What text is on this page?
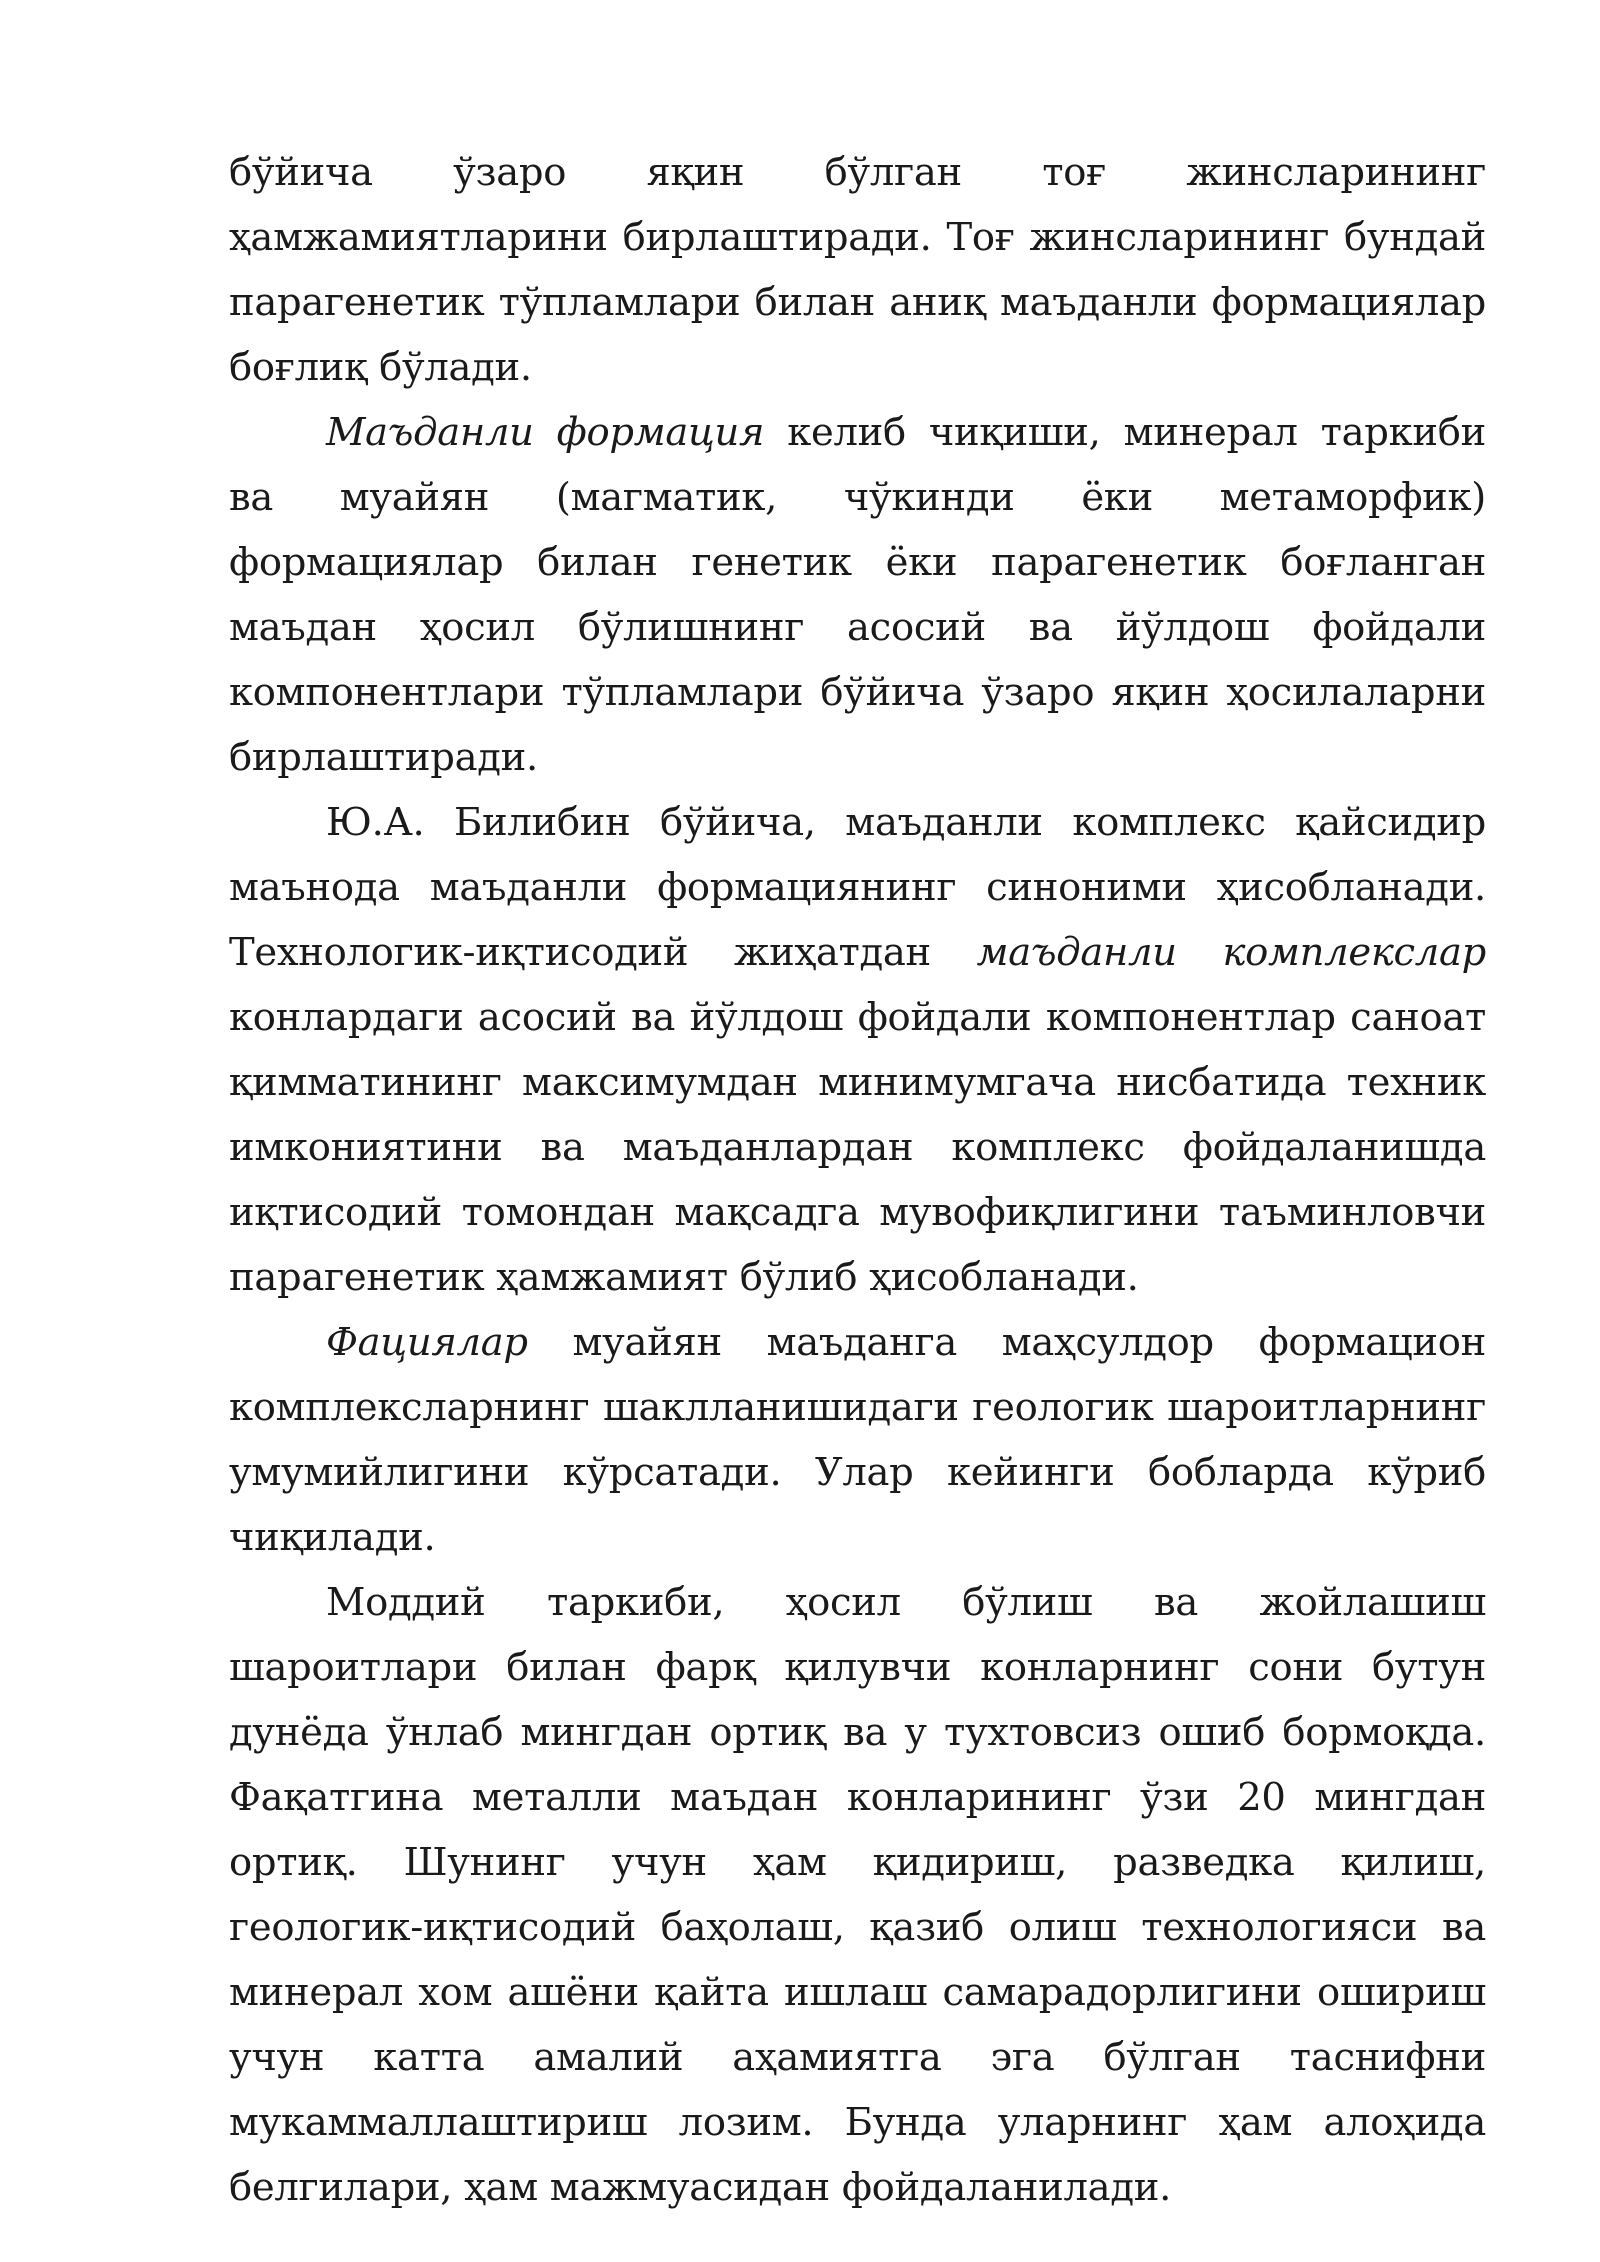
бўйича ўзаро яқин бўлган тоғ жинсларининг ҳамжамиятларини бирлаштиради. Тоғ жинсларининг бундай парагенетик тўпламлари билан аниқ маъданли формациялар боғлиқ бўлади.

Маъданли формация келиб чиқиши, минерал таркиби ва муайян (магматик, чўкинди ёки метаморфик) формациялар билан генетик ёки парагенетик боғланган маъдан ҳосил бўлишнинг асосий ва йўлдош фойдали компонентлари тўпламлари бўйича ўзаро яқин ҳосилаларни бирлаштиради.

Ю.А. Билибин бўйича, маъданли комплекс қайсидир маънода маъданли формациянинг синоними ҳисобланади. Технологик-иқтисодий жиҳатдан маъданли комплекслар конлардаги асосий ва йўлдош фойдали компонентлар саноат қимматининг максимумдан минимумгача нисбатида техник имкониятини ва маъданлардан комплекс фойдаланишда иқтисодий томондан мақсадга мувофиқлигини таъминловчи парагенетик ҳамжамият бўлиб ҳисобланади.

Фациялар муайян маъданга маҳсулдор формацион комплексларнинг шаклланишидаги геологик шароитларнинг умумийлигини кўрсатади. Улар кейинги бобларда кўриб чиқилади.

Моддий таркиби, ҳосил бўлиш ва жойлашиш шароитлари билан фарқ қилувчи конларнинг сони бутун дунёда ўнлаб мингдан ортиқ ва у тухтовсиз ошиб бормоқда. Фақатгина металли маъдан конларининг ўзи 20 мингдан ортиқ. Шунинг учун ҳам қидириш, разведка қилиш, геологик-иқтисодий баҳолаш, қазиб олиш технологияси ва минерал хом ашёни қайта ишлаш самарадорлигини ошириш учун катта амалий аҳамиятга эга бўлган таснифни мукаммаллаштириш лозим. Бунда уларнинг ҳам алоҳида белгилари, ҳам мажмуасидан фойдаланилади.
